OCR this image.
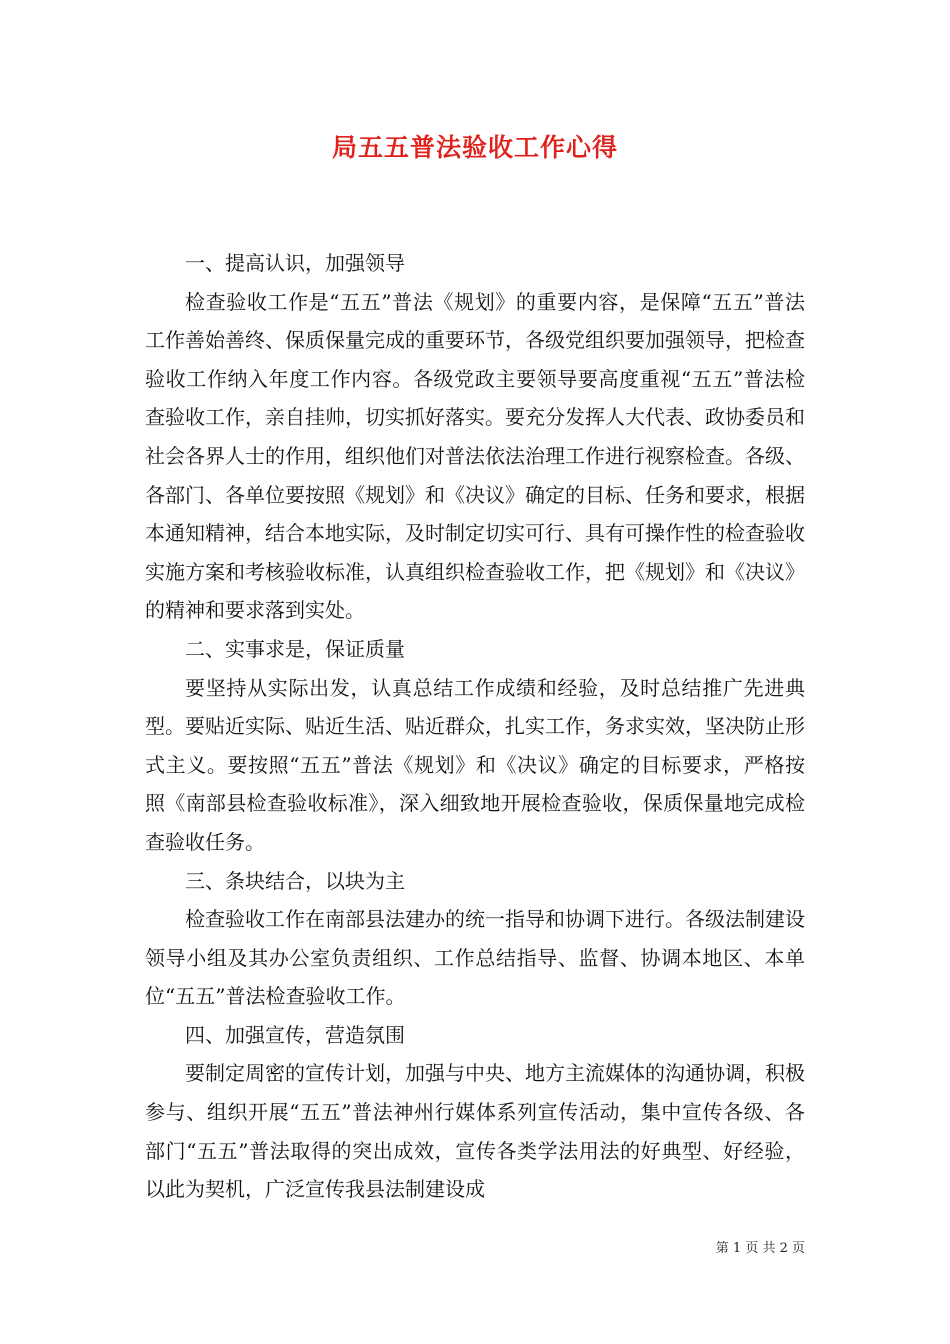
局五五普法验收工作心得

一、提高认识，加强领导

检查验收工作是“五五”普法《规划》的重要内容，是保障“五五”普法工作善始善终、保质保量完成的重要环节，各级党组织要加强领导，把检查验收工作纳入年度工作内容。各级党政主要领导要高度重视“五五”普法检查验收工作，亲自挂帅，切实抓好落实。要充分发挥人大代表、政协委员和社会各界人士的作用，组织他们对普法依法治理工作进行视察检查。各级、各部门、各单位要按照《规划》和《决议》确定的目标、任务和要求，根据本通知精神，结合本地实际，及时制定切实可行、具有可操作性的检查验收实施方案和考核验收标准，认真组织检查验收工作，把《规划》和《决议》的精神和要求落到实处。

二、实事求是，保证质量

要坚持从实际出发，认真总结工作成绩和经验，及时总结推广先进典型。要贴近实际、贴近生活、贴近群众，扎实工作，务求实效，坚决防止形式主义。要按照“五五”普法《规划》和《决议》确定的目标要求，严格按照《南部县检查验收标准》，深入细致地开展检查验收，保质保量地完成检查验收任务。

三、条块结合，以块为主

检查验收工作在南部县法建办的统一指导和协调下进行。各级法制建设领导小组及其办公室负责组织、工作总结指导、监督、协调本地区、本单位“五五”普法检查验收工作。

四、加强宣传，营造氛围

要制定周密的宣传计划，加强与中央、地方主流媒体的沟通协调，积极参与、组织开展“五五”普法神州行媒体系列宣传活动，集中宣传各级、各部门“五五”普法取得的突出成效，宣传各类学法用法的好典型、好经验，以此为契机，广泛宣传我县法制建设成

第 1 页 共 2 页
